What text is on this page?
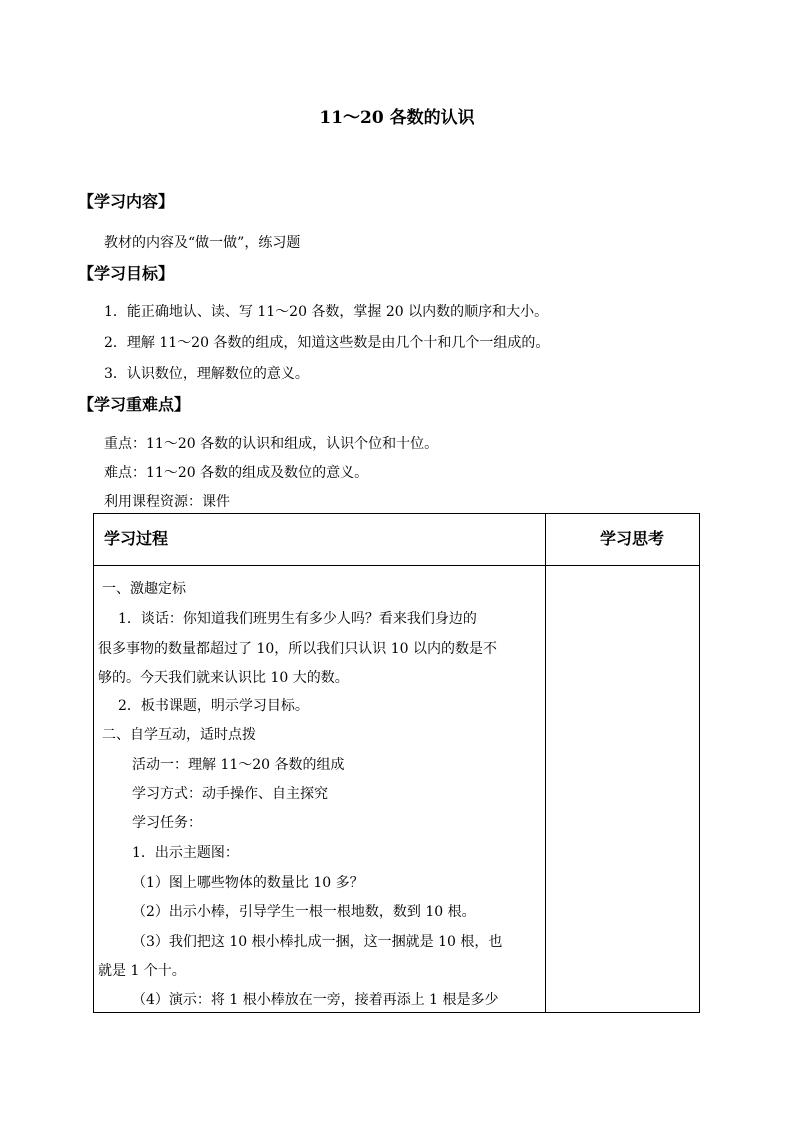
11～20 各数的认识
【学习内容】
教材的内容及“做一做”，练习题
【学习目标】
1．能正确地认、读、写 11～20 各数，掌握 20 以内数的顺序和大小。
2．理解 11～20 各数的组成，知道这些数是由几个十和几个一组成的。
3．认识数位，理解数位的意义。
【学习重难点】
重点：11～20 各数的认识和组成，认识个位和十位。
难点：11～20 各数的组成及数位的意义。
利用课程资源：课件
学习过程	学习思考
一、激趣定标
1．谈话：你知道我们班男生有多少人吗？看来我们身边的
很多事物的数量都超过了 10，所以我们只认识 10 以内的数是不
够的。今天我们就来认识比 10 大的数。
2．板书课题，明示学习目标。
二、自学互动，适时点拨
活动一：理解 11～20 各数的组成
学习方式：动手操作、自主探究
学习任务：
1．出示主题图：
（1）图上哪些物体的数量比 10 多？
（2）出示小棒，引导学生一根一根地数，数到 10 根。
（3）我们把这 10 根小棒扎成一捆，这一捆就是 10 根，也
就是 1 个十。
（4）演示：将 1 根小棒放在一旁，接着再添上 1 根是多少
